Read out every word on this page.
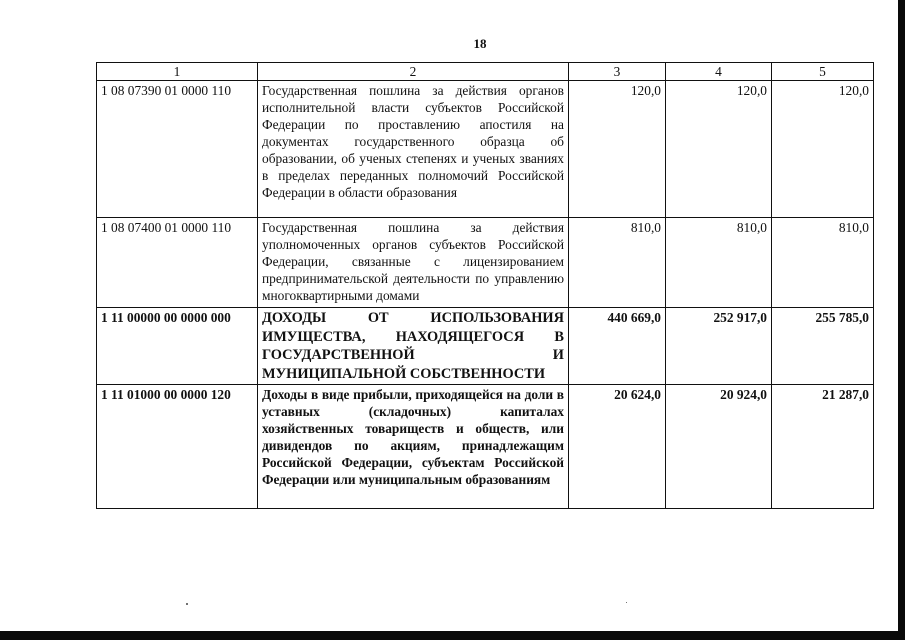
18
1	2	3	4	5
1 08 07390 01 0000 110	Государственная пошлина за действия органов исполнительной власти субъектов Российской Федерации по проставлению апостиля на документах государственного образца об образовании, об ученых степенях и ученых званиях в пределах переданных полномочий Российской Федерации в области образования	120,0	120,0	120,0
1 08 07400 01 0000 110	Государственная пошлина за действия уполномоченных органов субъектов Российской Федерации, связанные с лицензированием предпринимательской деятельности по управлению многоквартирными домами	810,0	810,0	810,0
1 11 00000 00 0000 000	ДОХОДЫ ОТ ИСПОЛЬЗОВАНИЯ ИМУЩЕСТВА, НАХОДЯЩЕГОСЯ В ГОСУДАРСТВЕННОЙ И МУНИЦИПАЛЬНОЙ СОБСТВЕННОСТИ	440 669,0	252 917,0	255 785,0
1 11 01000 00 0000 120	Доходы в виде прибыли, приходящейся на доли в уставных (складочных) капиталах хозяйственных товариществ и обществ, или дивидендов по акциям, принадлежащим Российской Федерации, субъектам Российской Федерации или муниципальным образованиям	20 624,0	20 924,0	21 287,0
